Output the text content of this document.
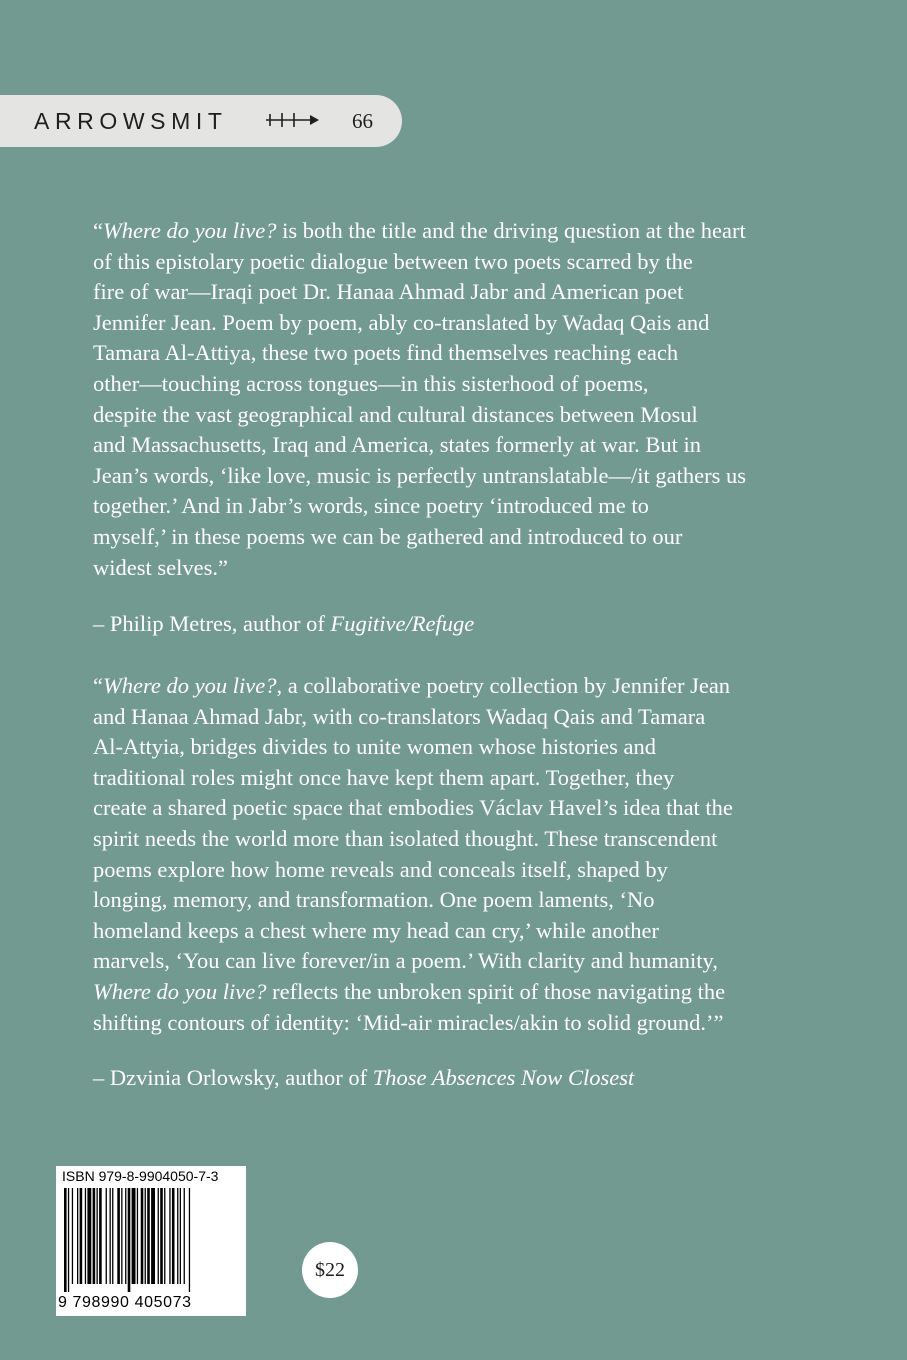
ARROWSMIT	66

“Where do you live? is both the title and the driving question at the heart
of this epistolary poetic dialogue between two poets scarred by the
fire of war—Iraqi poet Dr. Hanaa Ahmad Jabr and American poet
Jennifer Jean. Poem by poem, ably co-translated by Wadaq Qais and
Tamara Al-Attiya, these two poets find themselves reaching each
other—touching across tongues—in this sisterhood of poems,
despite the vast geographical and cultural distances between Mosul
and Massachusetts, Iraq and America, states formerly at war. But in
Jean’s words, ‘like love, music is perfectly untranslatable—/it gathers us
together.’ And in Jabr’s words, since poetry ‘introduced me to
myself,’ in these poems we can be gathered and introduced to our
widest selves.”

– Philip Metres, author of Fugitive/Refuge

“Where do you live?, a collaborative poetry collection by Jennifer Jean
and Hanaa Ahmad Jabr, with co-translators Wadaq Qais and Tamara
Al-Attyia, bridges divides to unite women whose histories and
traditional roles might once have kept them apart. Together, they
create a shared poetic space that embodies Václav Havel’s idea that the
spirit needs the world more than isolated thought. These transcendent
poems explore how home reveals and conceals itself, shaped by
longing, memory, and transformation. One poem laments, ‘No
homeland keeps a chest where my head can cry,’ while another
marvels, ‘You can live forever/in a poem.’ With clarity and humanity,
Where do you live? reflects the unbroken spirit of those navigating the
shifting contours of identity: ‘Mid-air miracles/akin to solid ground.’”

– Dzvinia Orlowsky, author of Those Absences Now Closest
ISBN 979-8-9904050-7-3
9 798990 405073
$22
